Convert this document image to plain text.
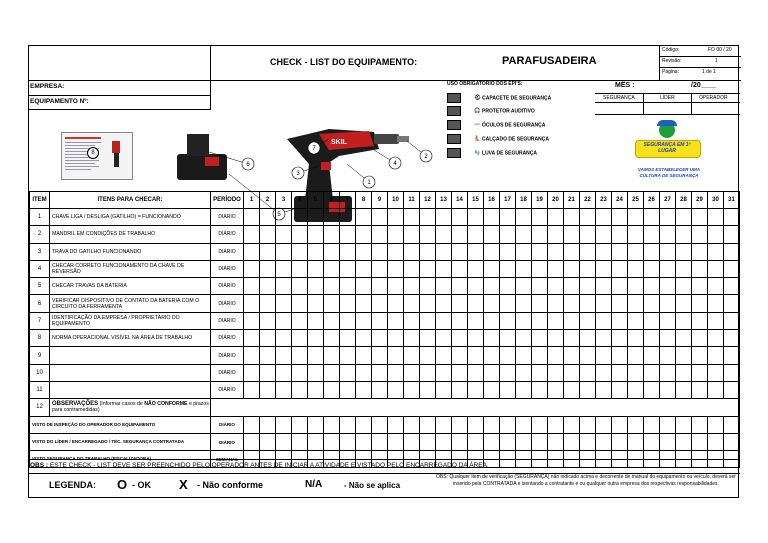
CHECK - LIST DO EQUIPAMENTO:	PARAFUSADEIRA
Código:	FO 00 / 20
Revisão:	1
Página:	1 de 1
EMPRESA:
EQUIPAMENTO Nº:
8
SKIL
1
2
3
4
5
6
7
USO OBRIGATÓRIO DOS EPI'S:
⛑ CAPACETE DE SEGURANÇA
🎧 PROTETOR AUDITIVO
👓 ÓCULOS DE SEGURANÇA
👢 CALÇADO DE SEGURANÇA
🧤 LUVA DE SEGURANÇA
MÊS :	/20____
SEGURANÇA	LÍDER	OPERADOR
SEGURANÇA EM 1º LUGAR
VAMOS ESTABELECER UMA
CULTURA DE SEGURANÇA
ITEM	ITENS PARA CHECAR:	PERÍODO	1	2	3	4	5	6	7	8	9	10	11	12	13	14	15	16	17	18	19	20	21	22	23	24	25	26	27	28	29	30	31
1	CHAVE LIGA / DESLIGA (GATILHO) = FUNCIONANDO	DIÁRIO																															
2	MANDRIL EM CONDIÇÕES DE TRABALHO	DIÁRIO																															
3	TRAVA DO GATILHO FUNCIONANDO	DIÁRIO																															
4	CHECAR CORRETO FUNCIONAMENTO DA CHAVE DE REVERSÃO	DIÁRIO																															
5	CHECAR TRAVAS DA BATERIA	DIÁRIO																															
6	VERIFICAR DISPOSITIVO DE CONTATO DA BATERIA COM O CIRCUITO DA FERRAMENTA	DIÁRIO																															
7	IDENTIFICAÇÃO DA EMPRESA / PROPRIETÁRIO DO EQUIPAMENTO	DIÁRIO																															
8	NORMA OPERACIONAL VISÍVEL NA ÁREA DE TRABALHO	DIÁRIO																															
9		DIÁRIO																															
10		DIÁRIO																															
11		DIÁRIO																															
12	OBSERVAÇÕES (Informar casos de NÃO CONFORME e prazos para contramedidas)																																
VISTO DE INSPEÇÃO DO OPERADOR DO EQUIPAMENTO		DIÁRIO																															
VISTO DO LÍDER / ENCARREGADO / TÉC. SEGURANÇA CONTRATADA		DIÁRIO																															
VISTO SEGURANÇA DO TRABALHO (FISCALIZADORA)		SEMANAL																															
OBS : ESTE CHECK - LIST DEVE SER PREENCHIDO PELO OPERADOR ANTES DE INICIAR A ATIVIDADE E VISTADO PELO ENCARREGADO DA ÁREA.
LEGENDA: O - OK X - Não conforme	N/A	- Não se aplica
OBS: Qualquer item de verificação (SEGURANÇA) não indicado acima e decorrente de manual do equipamento ou veículo, deverá ser inserido pela CONTRATADA e isentando a contratante e ou qualquer outra empresa dos respectivas responsabilidades.
